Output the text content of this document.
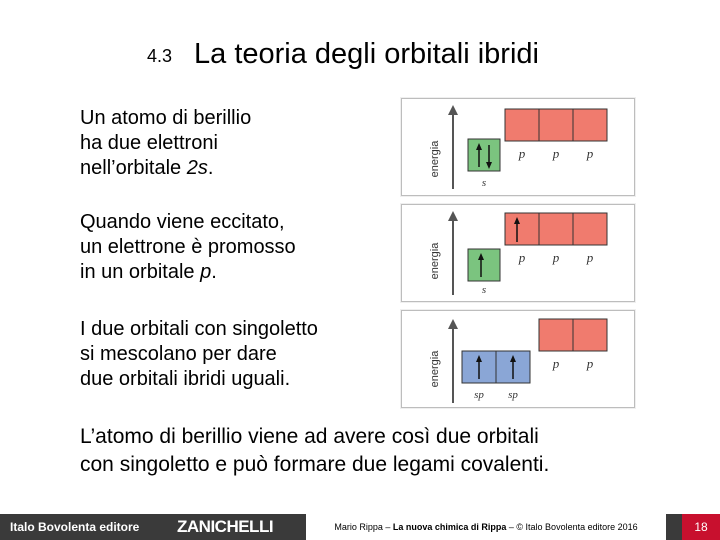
4.3 La teoria degli orbitali ibridi
Un atomo di berillio
ha due elettroni
nell’orbitale 2s.
Quando viene eccitato,
un elettrone è promosso
in un orbitale p.
I due orbitali con singoletto
si mescolano per dare
due orbitali ibridi uguali.
L’atomo di berillio viene ad avere così due orbitali
con singoletto e può formare due legami covalenti.
energia
s
p p p
energia
s
p p p
energia
sp sp
p p
Italo Bovolenta editore ZANICHELLI	Mario Rippa – La nuova chimica di Rippa – © Italo Bovolenta editore 2016	18
